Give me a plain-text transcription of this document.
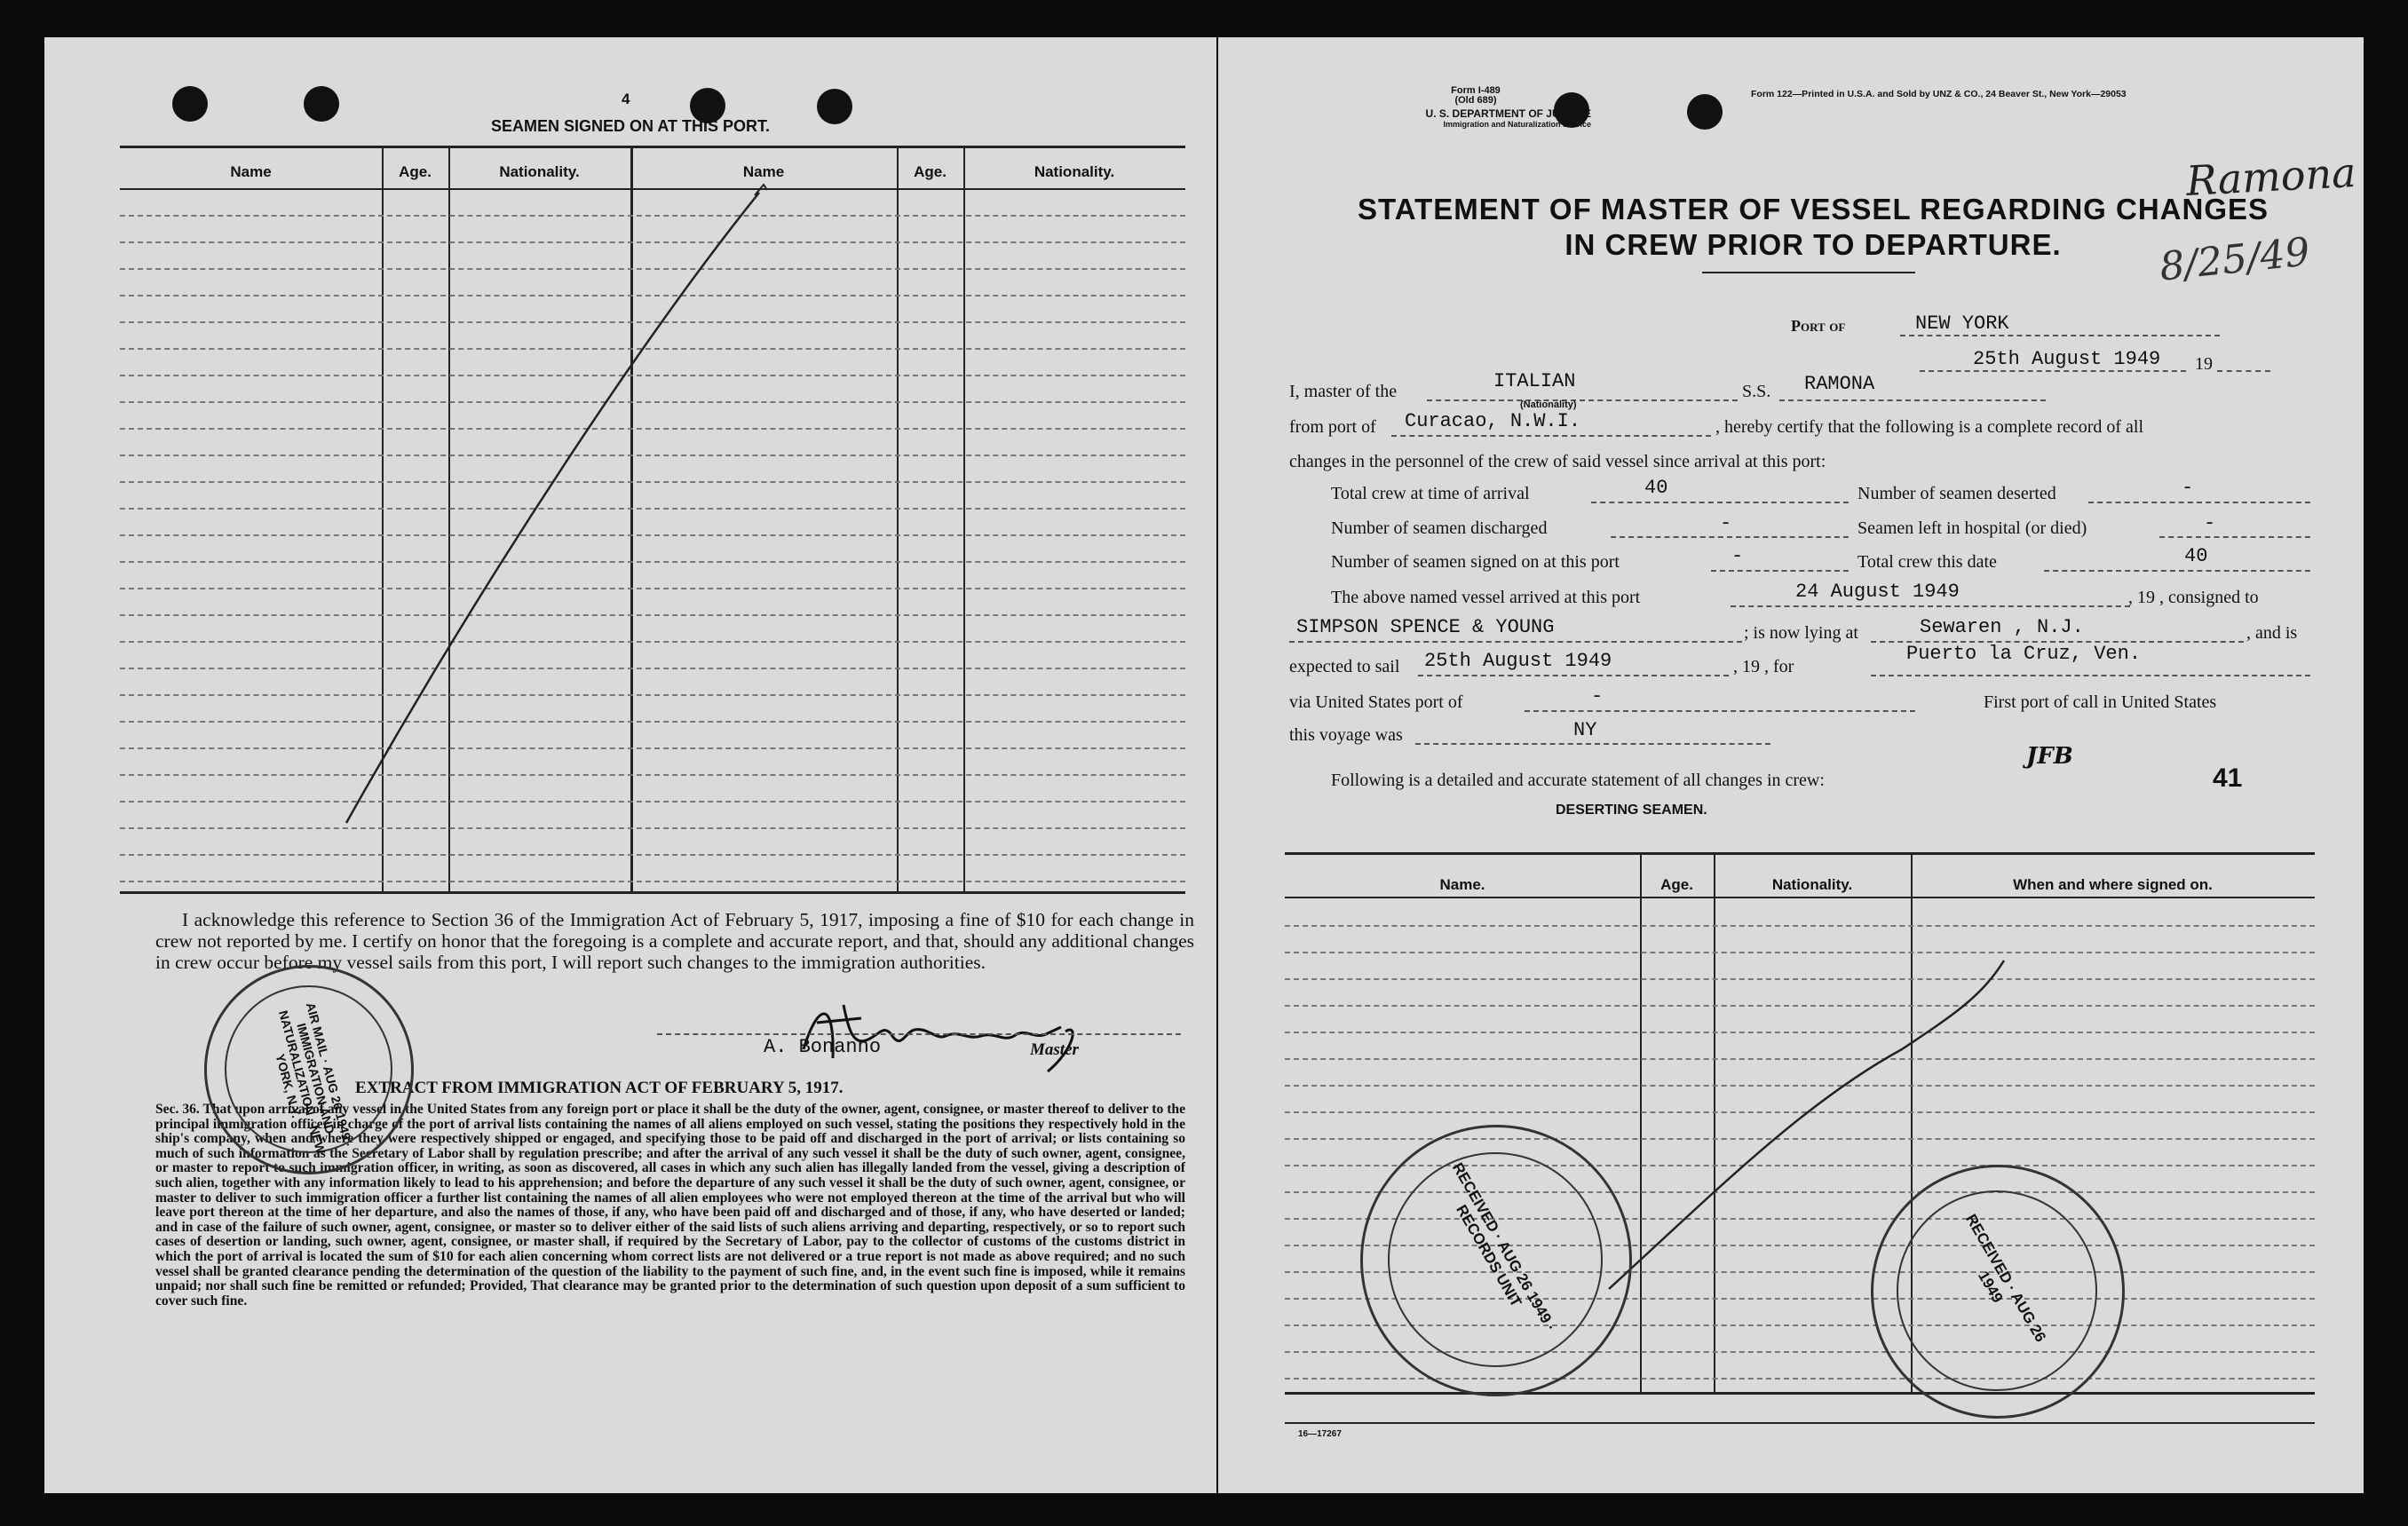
4
SEAMEN SIGNED ON AT THIS PORT.
Name	Age.	Nationality.	Name	Age.	Nationality.
I acknowledge this reference to Section 36 of the Immigration Act of February 5, 1917, imposing a fine of $10 for each change in crew not reported by me. I certify on honor that the foregoing is a complete and accurate report, and that, should any additional changes in crew occur before my vessel sails from this port, I will report such changes to the immigration authorities.
A. Bonanno	Master
EXTRACT FROM IMMIGRATION ACT OF FEBRUARY 5, 1917.
Sec. 36. That upon arrival of any vessel in the United States from any foreign port or place it shall be the duty of the owner, agent, consignee, or master thereof to deliver to the principal immigration officer in charge of the port of arrival lists containing the names of all aliens employed on such vessel, stating the positions they respectively hold in the ship's company, when and where they were respectively shipped or engaged, and specifying those to be paid off and discharged in the port of arrival; or lists containing so much of such information as the Secretary of Labor shall by regulation prescribe; and after the arrival of any such vessel it shall be the duty of such owner, agent, consignee, or master to report to such immigration officer, in writing, as soon as discovered, all cases in which any such alien has illegally landed from the vessel, giving a description of such alien, together with any information likely to lead to his apprehension; and before the departure of any such vessel it shall be the duty of such owner, agent, consignee, or master to deliver to such immigration officer a further list containing the names of all alien employees who were not employed thereon at the time of the arrival but who will leave port thereon at the time of her departure, and also the names of those, if any, who have been paid off and discharged and of those, if any, who have deserted or landed; and in case of the failure of such owner, agent, consignee, or master so to deliver either of the said lists of such aliens arriving and departing, respectively, or so to report such cases of desertion or landing, such owner, agent, consignee, or master shall, if required by the Secretary of Labor, pay to the collector of customs of the customs district in which the port of arrival is located the sum of $10 for each alien concerning whom correct lists are not delivered or a true report is not made as above required; and no such vessel shall be granted clearance pending the determination of the question of the liability to the payment of such fine, and, in the event such fine is imposed, while it remains unpaid; nor shall such fine be remitted or refunded; Provided, That clearance may be granted prior to the determination of such question upon deposit of a sum sufficient to cover such fine.
AIR MAIL · AUG 26 1949 · IMMIGRATION AND NATURALIZATION · NEW YORK, N.Y.
Form I-489
(Old 689)
U. S. DEPARTMENT OF JUSTICE
Immigration and Naturalization Service
Form 122—Printed in U.S.A. and Sold by UNZ & CO., 24 Beaver St., New York—29053
STATEMENT OF MASTER OF VESSEL REGARDING CHANGES
IN CREW PRIOR TO DEPARTURE.
Ramona
8/25/49
Port of	NEW YORK
25th August 1949 19
I, master of the	ITALIAN
(Nationality)
S.S. RAMONA
from port of Curacao, N.W.I.	, hereby certify that the following is a complete record of all
changes in the personnel of the crew of said vessel since arrival at this port:
Total crew at time of arrival	40	Number of seamen deserted	-
Number of seamen discharged	-	Seamen left in hospital (or died)	-
Number of seamen signed on at this port	-	Total crew this date	40
The above named vessel arrived at this port	24 August 1949	, 19 , consigned to
SIMPSON SPENCE & YOUNG	; is now lying at	Sewaren , N.J.	, and is
expected to sail 25th August 1949	, 19 , for
Puerto la Cruz, Ven.
via United States port of	-	First port of call in United States
this voyage was	NY
JFB
Following is a detailed and accurate statement of all changes in crew:	41
DESERTING SEAMEN.
Name.	Age.	Nationality.	When and where signed on.
RECEIVED · AUG 26 1949 · RECORDS UNIT	RECEIVED · AUG 26 1949
16—17267
